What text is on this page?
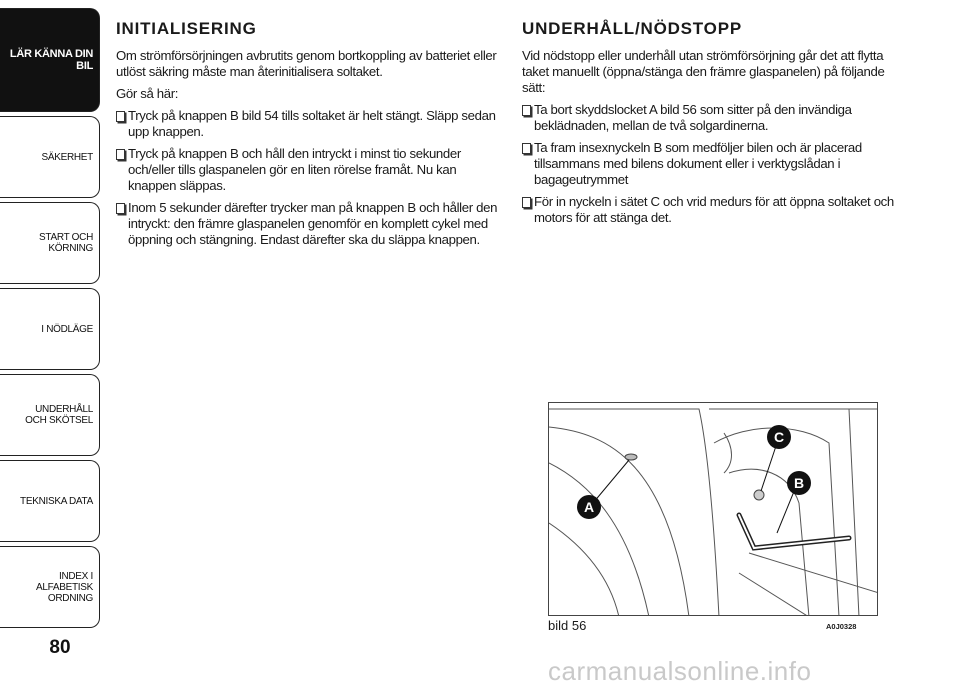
LÄR KÄNNA DIN BIL
SÄKERHET
START OCH KÖRNING
I NÖDLÄGE
UNDERHÅLL OCH SKÖTSEL
TEKNISKA DATA
INDEX I ALFABETISK ORDNING
80
INITIALISERING

Om strömförsörjningen avbrutits genom bortkoppling av batteriet eller utlöst säkring måste man återinitialisera soltaket.

Gör så här:

Tryck på knappen B bild 54 tills soltaket är helt stängt. Släpp sedan upp knappen.
Tryck på knappen B och håll den intryckt i minst tio sekunder och/eller tills glaspanelen gör en liten rörelse framåt. Nu kan knappen släppas.
Inom 5 sekunder därefter trycker man på knappen B och håller den intryckt: den främre glaspanelen genomför en komplett cykel med öppning och stängning. Endast därefter ska du släppa knappen.
UNDERHÅLL/NÖDSTOPP

Vid nödstopp eller underhåll utan strömförsörjning går det att flytta taket manuellt (öppna/stänga den främre glaspanelen) på följande sätt:

Ta bort skyddslocket A bild 56 som sitter på den invändiga beklädnaden, mellan de två solgardinerna.
Ta fram insexnyckeln B som medföljer bilen och är placerad tillsammans med bilens dokument eller i verktygslådan i bagageutrymmet
För in nyckeln i sätet C och vrid medurs för att öppna soltaket och motors för att stänga det.
A
C
B
bild 56	A0J0328
carmanualsonline.info
